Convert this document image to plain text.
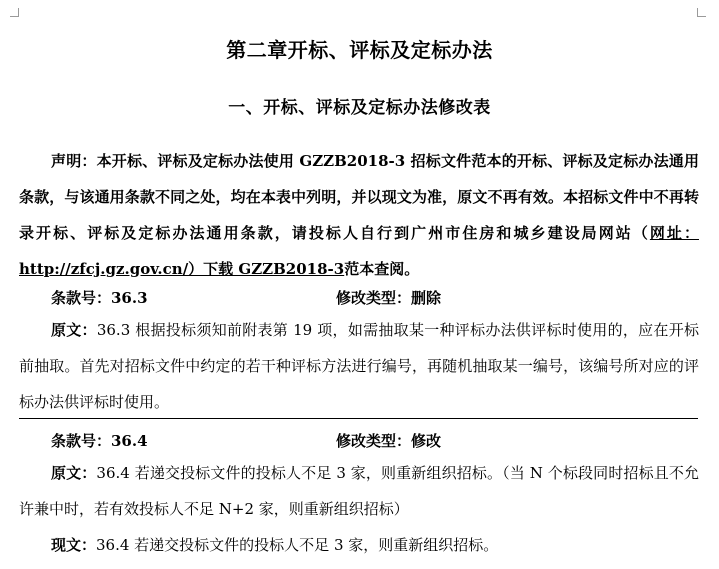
第二章开标、评标及定标办法
一、开标、评标及定标办法修改表
声明：本开标、评标及定标办法使用 GZZB2018-3 招标文件范本的开标、评标及定标办法通用条款，与该通用条款不同之处，均在本表中列明，并以现文为准，原文不再有效。本招标文件中不再转录开标、评标及定标办法通用条款，请投标人自行到广州市住房和城乡建设局网站（网址：http://zfcj.gz.gov.cn/）下载 GZZB2018-3范本查阅。
条款号：36.3	修改类型：删除
原文：36.3 根据投标须知前附表第 19 项，如需抽取某一种评标办法供评标时使用的，应在开标前抽取。首先对招标文件中约定的若干种评标方法进行编号，再随机抽取某一编号，该编号所对应的评标办法供评标时使用。
条款号：36.4	修改类型：修改
原文：36.4 若递交投标文件的投标人不足 3 家，则重新组织招标。（当 N 个标段同时招标且不允许兼中时，若有效投标人不足 N+2 家，则重新组织招标）
现文：36.4 若递交投标文件的投标人不足 3 家，则重新组织招标。
